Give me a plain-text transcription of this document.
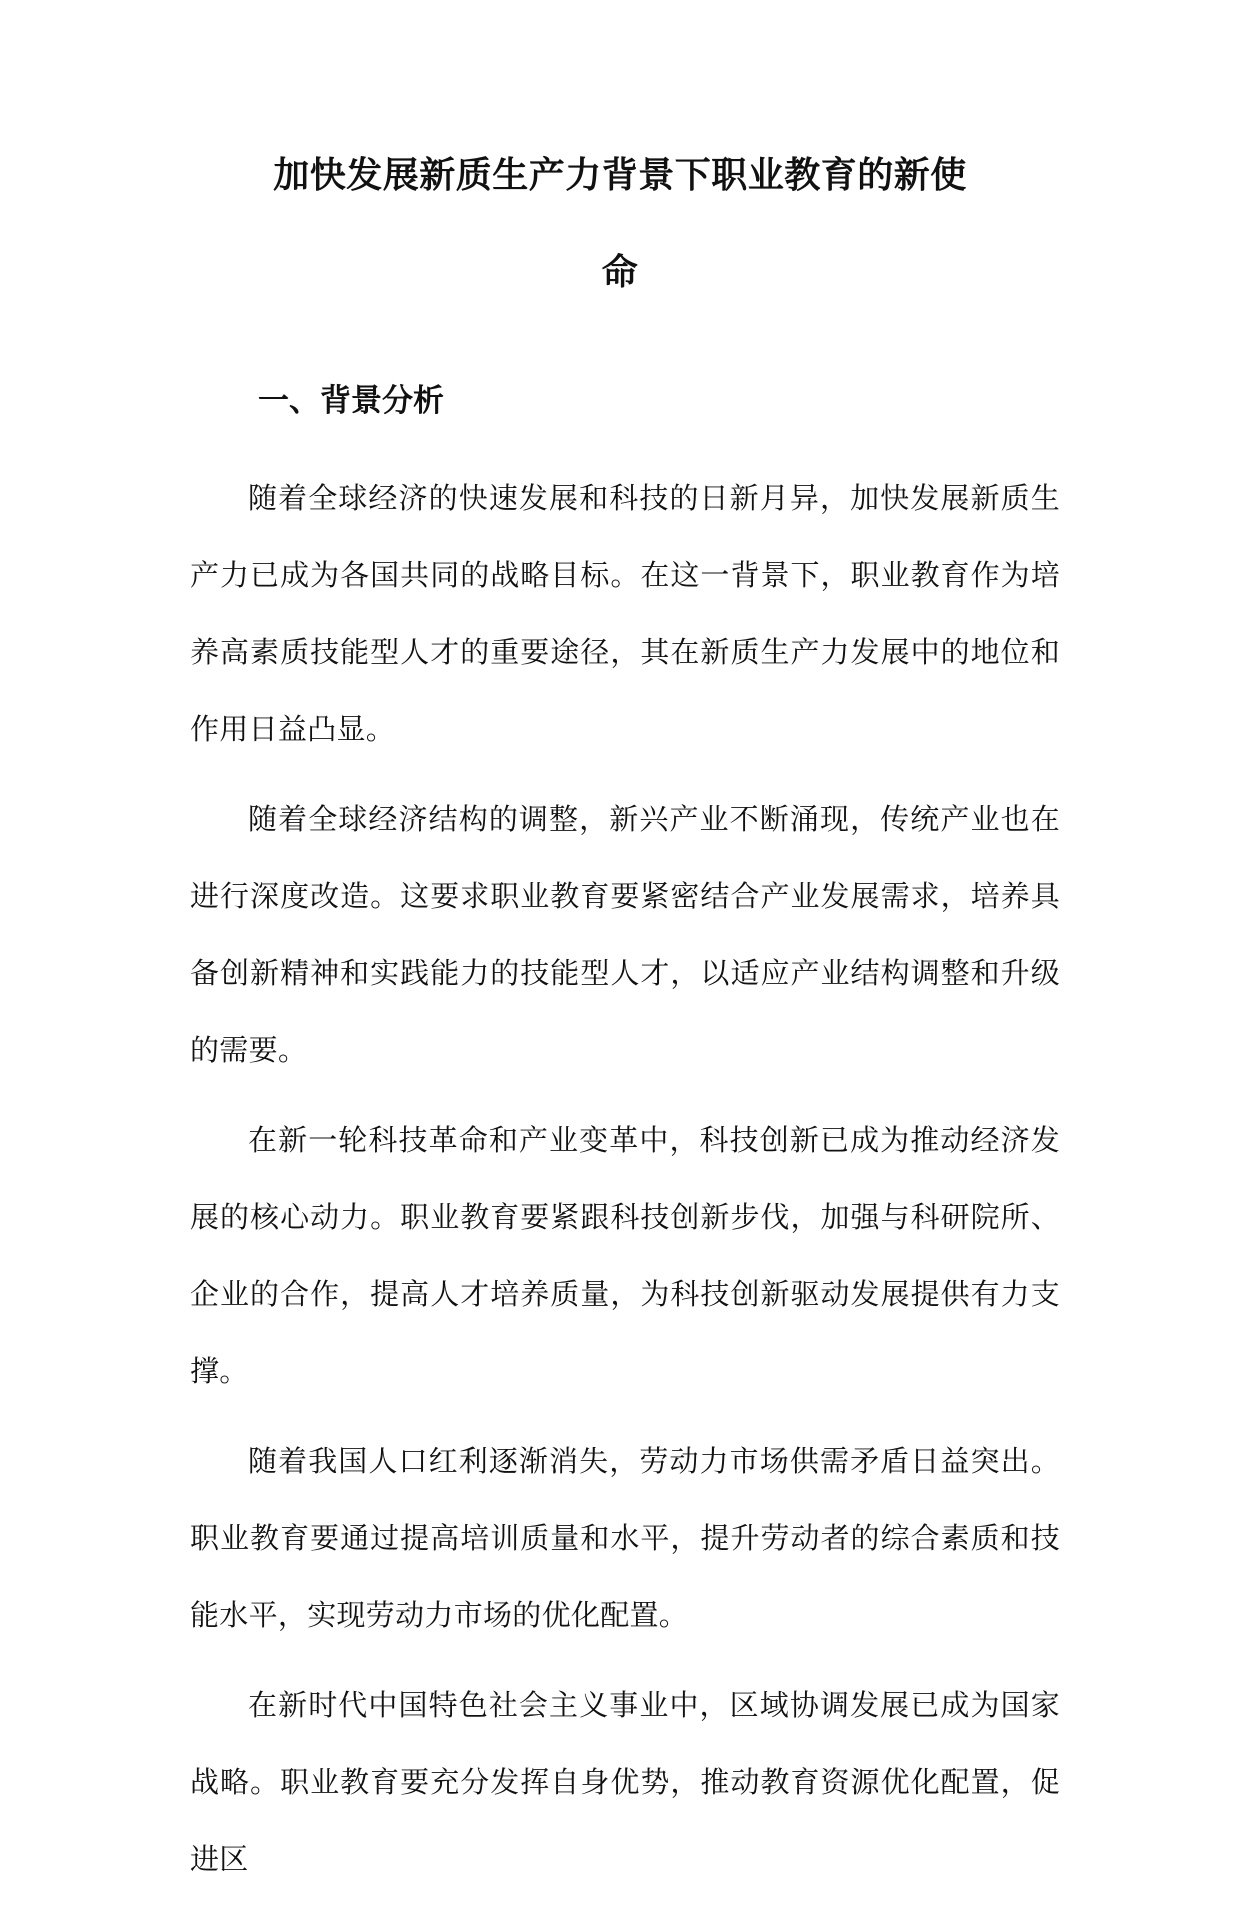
加快发展新质生产力背景下职业教育的新使
命
一、背景分析

随着全球经济的快速发展和科技的日新月异，加快发展新质生产力已成为各国共同的战略目标。在这一背景下，职业教育作为培养高素质技能型人才的重要途径，其在新质生产力发展中的地位和作用日益凸显。

随着全球经济结构的调整，新兴产业不断涌现，传统产业也在进行深度改造。这要求职业教育要紧密结合产业发展需求，培养具备创新精神和实践能力的技能型人才，以适应产业结构调整和升级的需要。

在新一轮科技革命和产业变革中，科技创新已成为推动经济发展的核心动力。职业教育要紧跟科技创新步伐，加强与科研院所、企业的合作，提高人才培养质量，为科技创新驱动发展提供有力支撑。

随着我国人口红利逐渐消失，劳动力市场供需矛盾日益突出。职业教育要通过提高培训质量和水平，提升劳动者的综合素质和技能水平，实现劳动力市场的优化配置。

在新时代中国特色社会主义事业中，区域协调发展已成为国家战略。职业教育要充分发挥自身优势，推动教育资源优化配置，促进区
